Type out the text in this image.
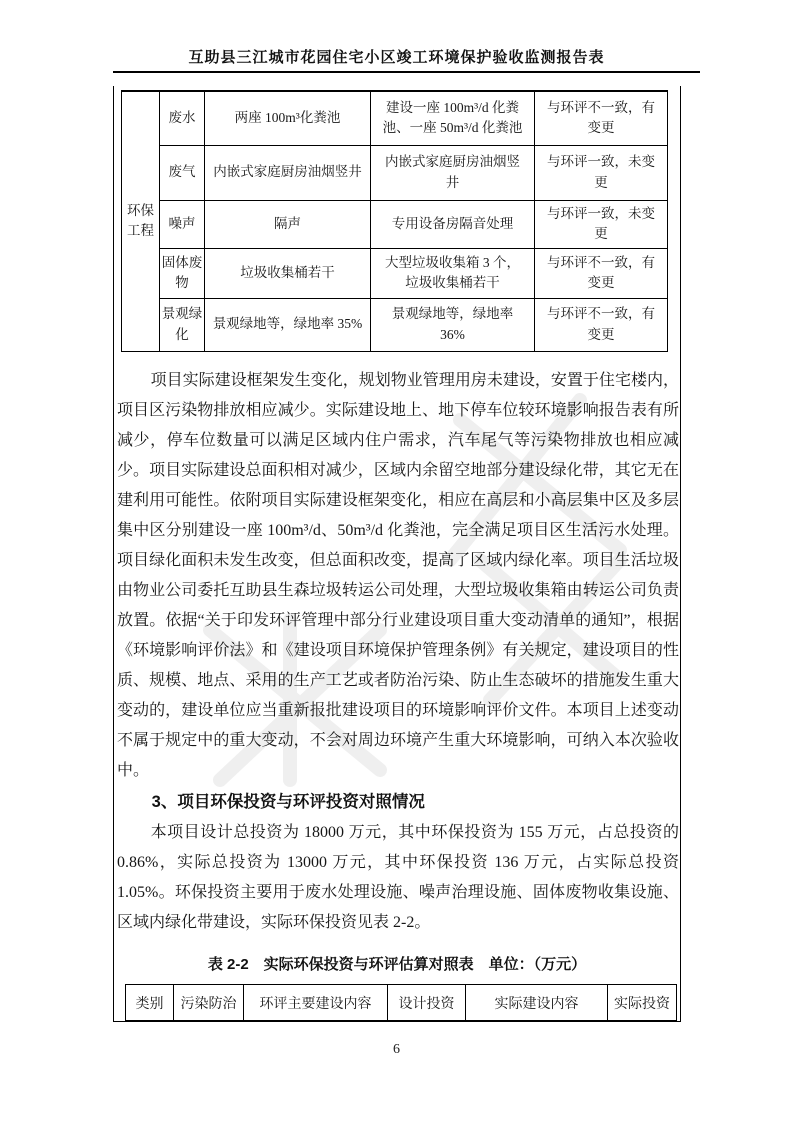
互助县三江城市花园住宅小区竣工环境保护验收监测报告表
环保工程	废水	两座 100m³化粪池	建设一座 100m³/d 化粪池、一座 50m³/d 化粪池	与环评不一致，有变更
	废气	内嵌式家庭厨房油烟竖井	内嵌式家庭厨房油烟竖井	与环评一致，未变更
	噪声	隔声	专用设备房隔音处理	与环评一致，未变更
	固体废物	垃圾收集桶若干	大型垃圾收集箱 3 个，垃圾收集桶若干	与环评不一致，有变更
	景观绿化	景观绿地等，绿地率 35%	景观绿地等，绿地率 36%	与环评不一致，有变更

项目实际建设框架发生变化，规划物业管理用房未建设，安置于住宅楼内，项目区污染物排放相应减少。实际建设地上、地下停车位较环境影响报告表有所减少，停车位数量可以满足区域内住户需求，汽车尾气等污染物排放也相应减少。项目实际建设总面积相对减少，区域内余留空地部分建设绿化带，其它无在建利用可能性。依附项目实际建设框架变化，相应在高层和小高层集中区及多层集中区分别建设一座 100m³/d、50m³/d 化粪池，完全满足项目区生活污水处理。项目绿化面积未发生改变，但总面积改变，提高了区域内绿化率。项目生活垃圾由物业公司委托互助县生森垃圾转运公司处理，大型垃圾收集箱由转运公司负责放置。依据“关于印发环评管理中部分行业建设项目重大变动清单的通知”，根据《环境影响评价法》和《建设项目环境保护管理条例》有关规定，建设项目的性质、规模、地点、采用的生产工艺或者防治污染、防止生态破坏的措施发生重大变动的，建设单位应当重新报批建设项目的环境影响评价文件。本项目上述变动不属于规定中的重大变动，不会对周边环境产生重大环境影响，可纳入本次验收中。

3、项目环保投资与环评投资对照情况

本项目设计总投资为 18000 万元，其中环保投资为 155 万元，占总投资的 0.86%，实际总投资为 13000 万元，其中环保投资 136 万元，占实际总投资 1.05%。环保投资主要用于废水处理设施、噪声治理设施、固体废物收集设施、区域内绿化带建设，实际环保投资见表 2-2。

表 2-2　实际环保投资与环评估算对照表　单位：（万元）
类别	污染防治	环评主要建设内容	设计投资	实际建设内容	实际投资
6
